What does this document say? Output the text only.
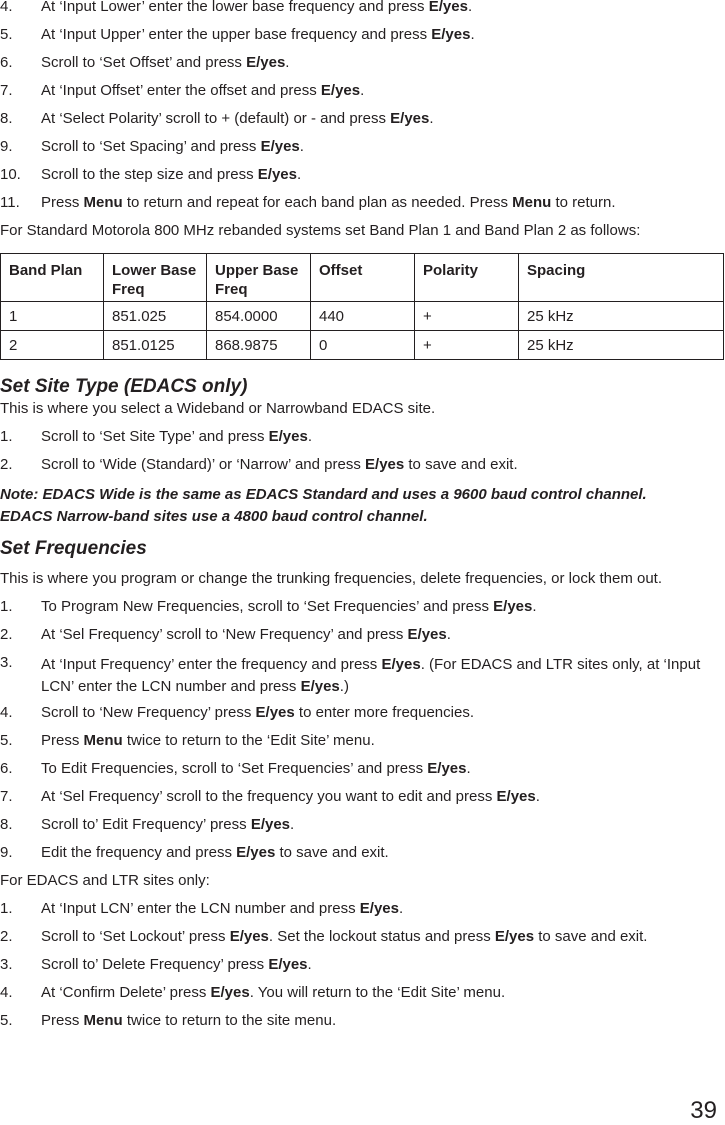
4. At ‘Input Lower’ enter the lower base frequency and press E/yes.
5. At ‘Input Upper’ enter the upper base frequency and press E/yes.
6. Scroll to ‘Set Offset’ and press E/yes.
7. At ‘Input Offset’ enter the offset and press E/yes.
8. At ‘Select Polarity’ scroll to + (default) or - and press E/yes.
9. Scroll to ‘Set Spacing’ and press E/yes.
10. Scroll to the step size and press E/yes.
11. Press Menu to return and repeat for each band plan as needed. Press Menu to return.
For Standard Motorola 800 MHz rebanded systems set Band Plan 1 and Band Plan 2 as follows:
Band Plan	Lower Base Freq	Upper Base Freq	Offset	Polarity	Spacing
1	851.025	854.0000	440	+	25 kHz
2	851.0125	868.9875	0	+	25 kHz
Set Site Type (EDACS only)
This is where you select a Wideband or Narrowband EDACS site.
1. Scroll to ‘Set Site Type’ and press E/yes.
2. Scroll to ‘Wide (Standard)’ or ‘Narrow’ and press E/yes to save and exit.
Note: EDACS Wide is the same as EDACS Standard and uses a 9600 baud control channel.
EDACS Narrow-band sites use a 4800 baud control channel.
Set Frequencies
This is where you program or change the trunking frequencies, delete frequencies, or lock them out.
1. To Program New Frequencies, scroll to ‘Set Frequencies’ and press E/yes.
2. At ‘Sel Frequency’ scroll to ‘New Frequency’ and press E/yes.
3. At ‘Input Frequency’ enter the frequency and press E/yes. (For EDACS and LTR sites only, at ‘Input LCN’ enter the LCN number and press E/yes.)
4. Scroll to ‘New Frequency’ press E/yes to enter more frequencies.
5. Press Menu twice to return to the ‘Edit Site’ menu.
6. To Edit Frequencies, scroll to ‘Set Frequencies’ and press E/yes.
7. At ‘Sel Frequency’ scroll to the frequency you want to edit and press E/yes.
8. Scroll to’ Edit Frequency’ press E/yes.
9. Edit the frequency and press E/yes to save and exit.
For EDACS and LTR sites only:
1. At ‘Input LCN’ enter the LCN number and press E/yes.
2. Scroll to ‘Set Lockout’ press E/yes. Set the lockout status and press E/yes to save and exit.
3. Scroll to’ Delete Frequency’ press E/yes.
4. At ‘Confirm Delete’ press E/yes. You will return to the ‘Edit Site’ menu.
5. Press Menu twice to return to the site menu.
39
